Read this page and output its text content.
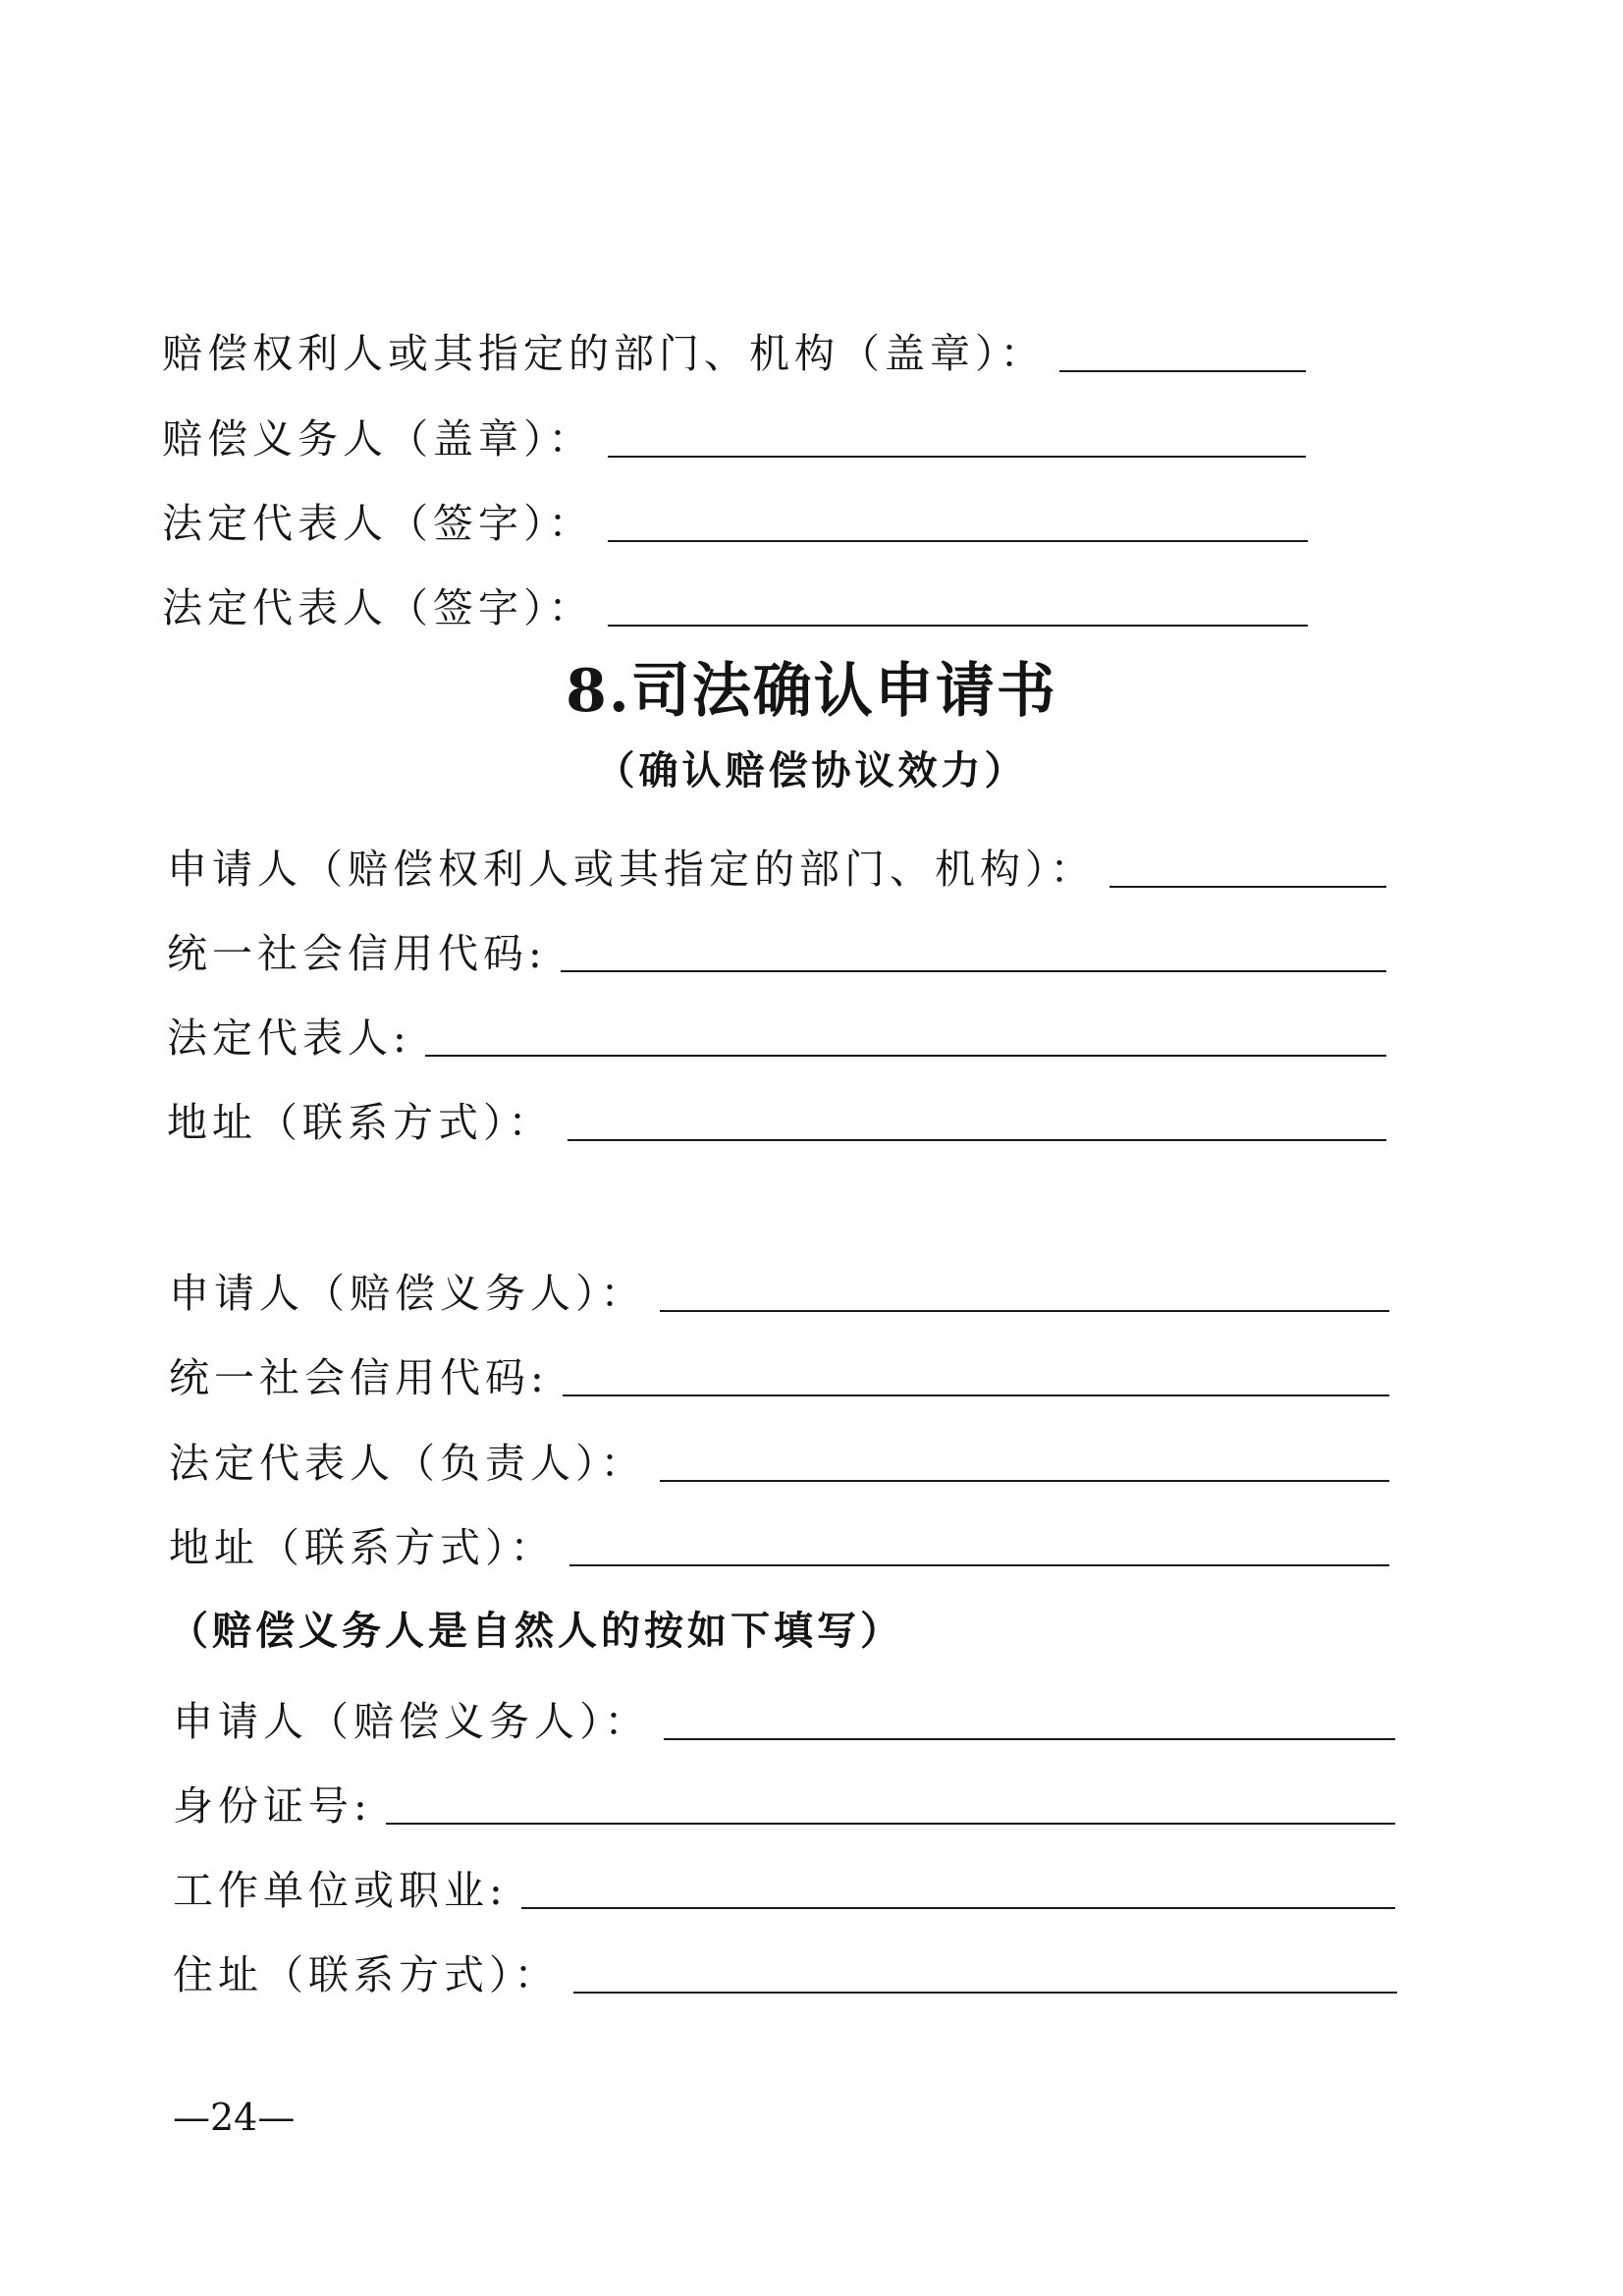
赔偿权利人或其指定的部门、机构（盖章）：
赔偿义务人（盖章）：
法定代表人（签字）：
法定代表人（签字）：
8.司法确认申请书
（确认赔偿协议效力）
申请人（赔偿权利人或其指定的部门、机构）：
统一社会信用代码:
法定代表人:
地址（联系方式）：
申请人（赔偿义务人）：
统一社会信用代码:
法定代表人（负责人）：
地址（联系方式）：
（赔偿义务人是自然人的按如下填写）
申请人（赔偿义务人）：
身份证号:
工作单位或职业:
住址（联系方式）：
—24—
